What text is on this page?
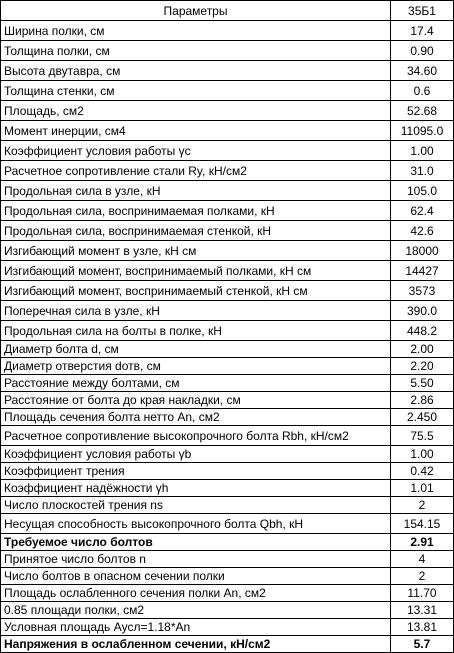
Параметры	35Б1
Ширина полки, см	17.4
Толщина полки, см	0.90
Высота двутавра, см	34.60
Толщина стенки, см	0.6
Площадь, см2	52.68
Момент инерции, см4	11095.0
Коэффициент условия работы γc	1.00
Расчетное сопротивление стали Ry, кН/см2	31.0
Продольная сила в узле, кН	105.0
Продольная сила, воспринимаемая полками, кН	62.4
Продольная сила, воспринимаемая стенкой, кН	42.6
Изгибающий момент в узле, кН см	18000
Изгибающий момент, воспринимаемый полками, кН см	14427
Изгибающий момент, воспринимаемый стенкой, кН см	3573
Поперечная сила в узле, кН	390.0
Продольная сила на болты в полке, кН	448.2
Диаметр болта d, см	2.00
Диаметр отверстия dотв, см	2.20
Расстояние между болтами, см	5.50
Расстояние от болта до края накладки, см	2.86
Площадь сечения болта нетто An, см2	2.450
Расчетное сопротивление высокопрочного болта Rbh, кН/см2	75.5
Коэффициент условия работы γb	1.00
Коэффициент трения	0.42
Коэффициент надёжности γh	1.01
Число плоскостей трения ns	2
Несущая способность высокопрочного болта Qbh, кН	154.15
Требуемое число болтов	2.91
Принятое число болтов n	4
Число болтов в опасном сечении полки	2
Площадь ослабленного сечения полки An, см2	11.70
0.85 площади полки, см2	13.31
Условная площадь Aусл=1.18*An	13.81
Напряжения в ослабленном сечении, кН/см2	5.7
